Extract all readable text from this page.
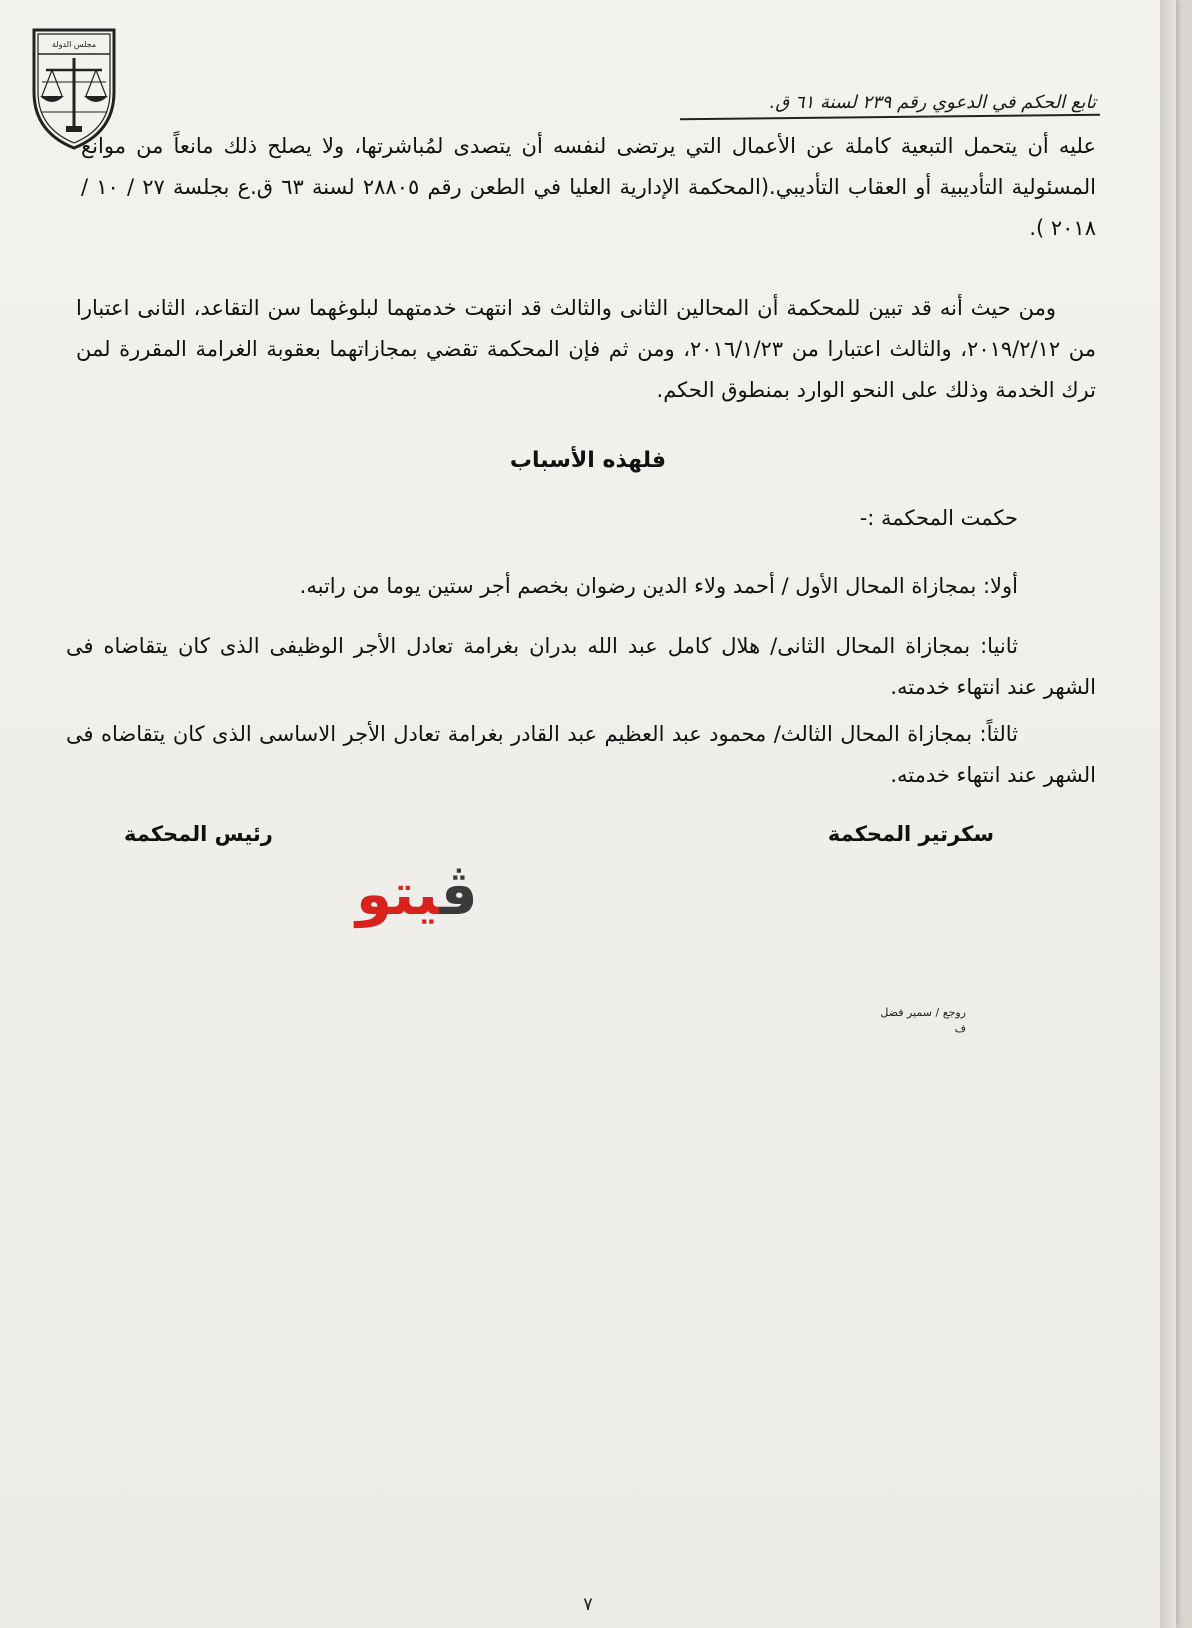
مجلس الدولة
تابع الحكم في الدعوي رقم ٢٣٩ لسنة ٦١ ق.
عليه أن يتحمل التبعية كاملة عن الأعمال التي يرتضى لنفسه أن يتصدى لمُباشرتها، ولا يصلح ذلك مانعاً من موانع المسئولية التأديبية أو العقاب التأديبي.(المحكمة الإدارية العليا في الطعن رقم ٢٨٨٠٥ لسنة ٦٣ ق.ع بجلسة ٢٧ / ١٠ / ٢٠١٨ ).
ومن حيث أنه قد تبين للمحكمة أن المحالين الثانى والثالث قد انتهت خدمتهما لبلوغهما سن التقاعد، الثانى اعتبارا من ٢٠١٩/٢/١٢، والثالث اعتبارا من ٢٠١٦/١/٢٣، ومن ثم فإن المحكمة تقضي بمجازاتهما بعقوبة الغرامة المقررة لمن ترك الخدمة وذلك على النحو الوارد بمنطوق الحكم.
فلهذه الأسباب
حكمت المحكمة :-
أولا: بمجازاة المحال الأول / أحمد ولاء الدين رضوان بخصم أجر ستين يوما من راتبه.
ثانيا: بمجازاة المحال الثانى/ هلال كامل عبد الله بدران بغرامة تعادل الأجر الوظيفى الذى كان يتقاضاه فى الشهر عند انتهاء خدمته.
ثالثاً: بمجازاة المحال الثالث/ محمود عبد العظيم عبد القادر بغرامة تعادل الأجر الاساسى الذى كان يتقاضاه فى الشهر عند انتهاء خدمته.
سكرتير المحكمة
رئيس المحكمة
ڤيتو
روجع / سمير فضل
ف
٧
